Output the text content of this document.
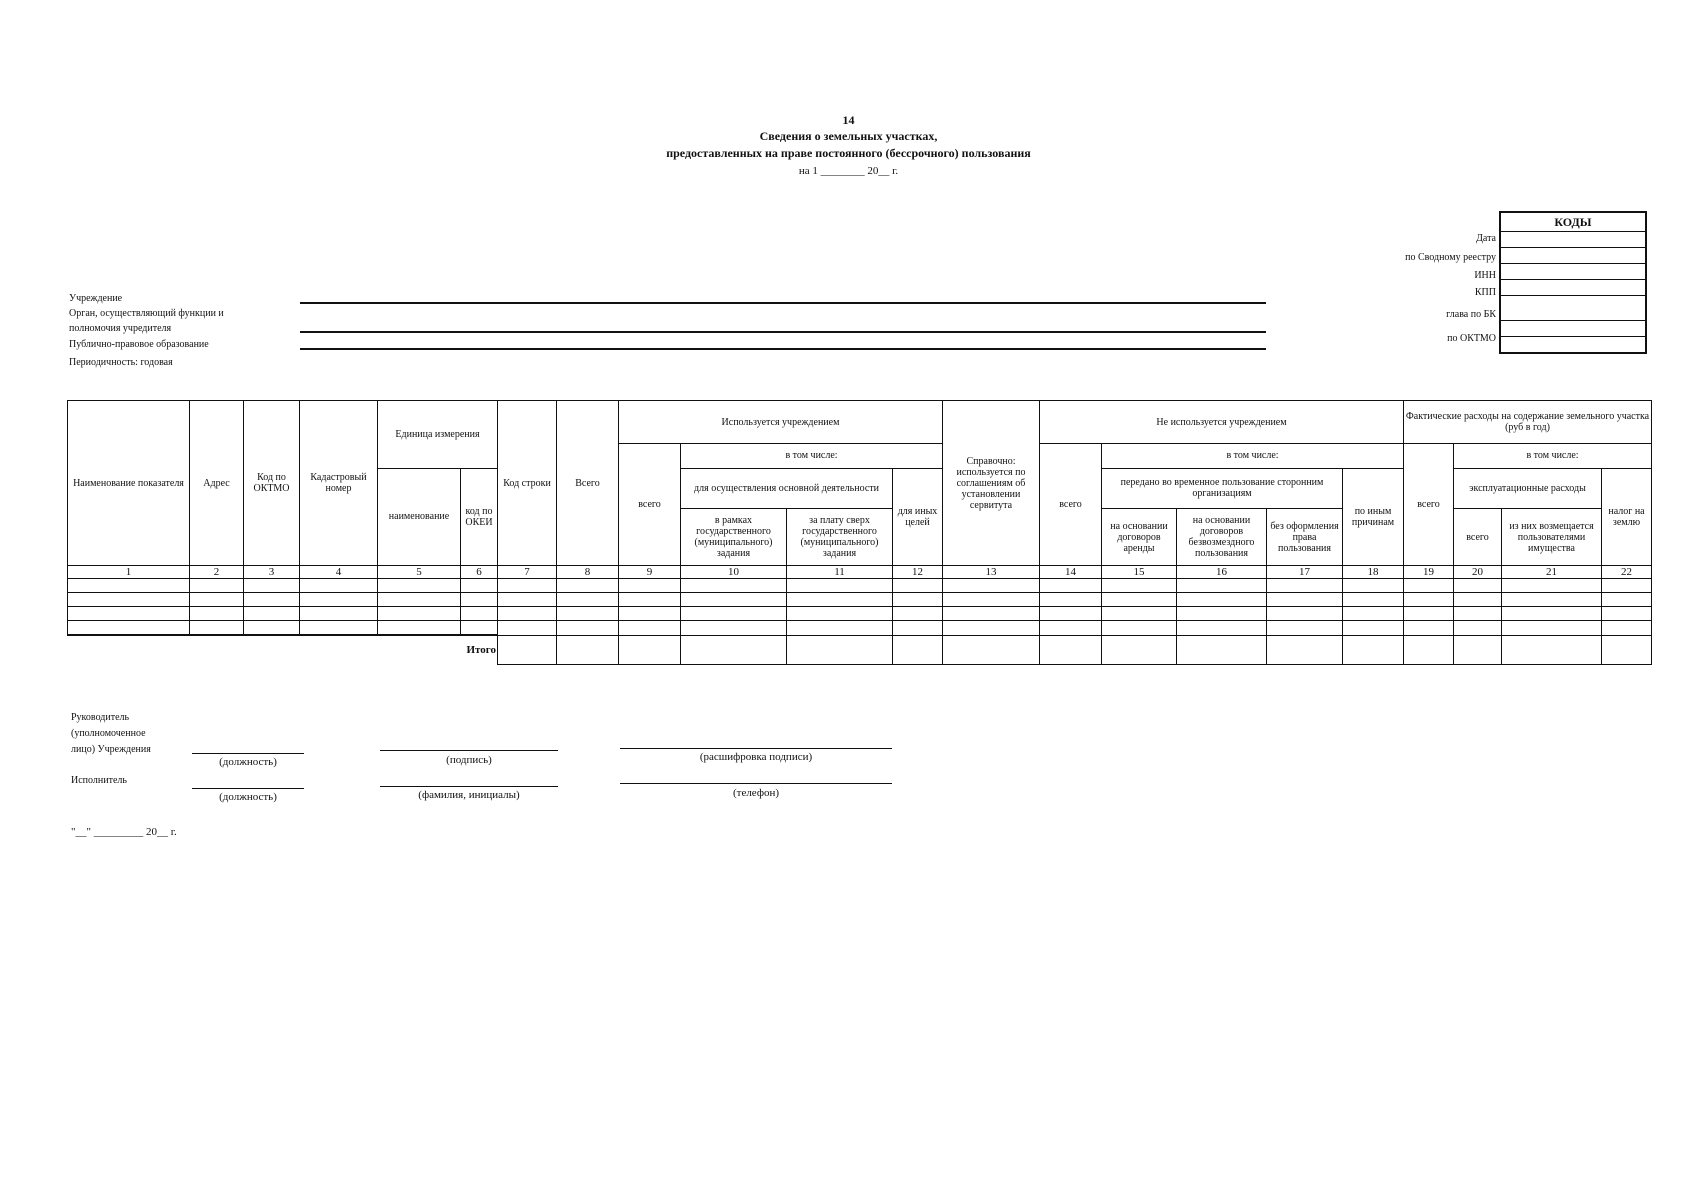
14
Сведения о земельных участках,
предоставленных на праве постоянного (бессрочного) пользования
на 1 ________ 20__ г.
КОДЫ

Дата
по Сводному реестру
ИНН
КПП
глава по БК
по ОКТМО
Учреждение
Орган, осуществляющий функции и
полномочия учредителя
Публично-правовое образование
Периодичность: годовая
Наименование показателя	Адрес	Код по ОКТМО	Кадастровый номер	Единица измерения		Код строки	Всего	Используется учреждением				Справочно: используется по соглашениям об установлении сервитута	Не используется учреждением					Фактические расходы на содержание земельного участка (руб в год)			
								всего	в том числе:				всего	в том числе:				всего	в том числе:		
				наименование	код по ОКЕИ				для осуществления основной деятельности		для иных целей			передано во временное пользование сторонним организациям			по иным причинам		эксплуатационные расходы		налог на землю
									в рамках государственного (муниципального) задания	за плату сверх государственного (муниципального) задания				на основании договоров аренды	на основании договоров безвозмездного пользования	без оформления права пользования			всего	из них возмещается пользователями имущества	
1	2	3	4	5	6	7	8	9	10	11	12	13	14	15	16	17	18	19	20	21	22

Итого																					
Руководитель
(уполномоченное
лицо) Учреждения
(должность)	(подпись)	(расшифровка подписи)
Исполнитель
(должность)	(фамилия, инициалы)	(телефон)
"__" _________ 20__ г.
